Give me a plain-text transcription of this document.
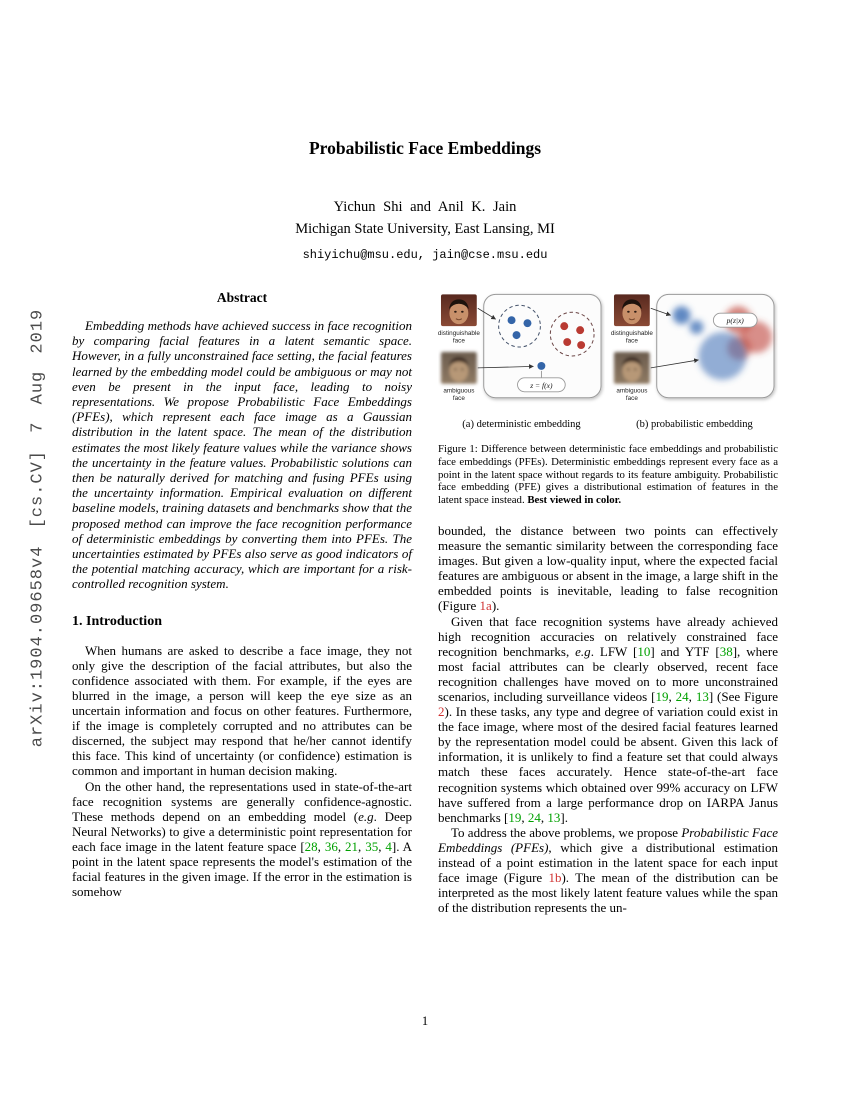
arXiv:1904.09658v4 [cs.CV] 7 Aug 2019
Probabilistic Face Embeddings
Yichun Shi and Anil K. Jain
Michigan State University, East Lansing, MI
shiyichu@msu.edu, jain@cse.msu.edu
Abstract

Embedding methods have achieved success in face recognition by comparing facial features in a latent semantic space. However, in a fully unconstrained face setting, the facial features learned by the embedding model could be ambiguous or may not even be present in the input face, leading to noisy representations. We propose Probabilistic Face Embeddings (PFEs), which represent each face image as a Gaussian distribution in the latent space. The mean of the distribution estimates the most likely feature values while the variance shows the uncertainty in the feature values. Probabilistic solutions can then be naturally derived for matching and fusing PFEs using the uncertainty information. Empirical evaluation on different baseline models, training datasets and benchmarks show that the proposed method can improve the face recognition performance of deterministic embeddings by converting them into PFEs. The uncertainties estimated by PFEs also serve as good indicators of the potential matching accuracy, which are important for a risk-controlled recognition system.

1. Introduction

When humans are asked to describe a face image, they not only give the description of the facial attributes, but also the confidence associated with them. For example, if the eyes are blurred in the image, a person will keep the eye size as an uncertain information and focus on other features. Furthermore, if the image is completely corrupted and no attributes can be discerned, the subject may respond that he/her cannot identify this face. This kind of uncertainty (or confidence) estimation is common and important in human decision making.

On the other hand, the representations used in state-of-the-art face recognition systems are generally confidence-agnostic. These methods depend on an embedding model (e.g. Deep Neural Networks) to give a deterministic point representation for each face image in the latent feature space [28, 36, 21, 35, 4]. A point in the latent space represents the model's estimation of the facial features in the given image. If the error in the estimation is somehow

distinguishable
face
ambiguous
face
z = f(x)
(a) deterministic embedding
distinguishable
face
ambiguous
face
p(z|x)
(b) probabilistic embedding
Figure 1: Difference between deterministic face embeddings and probabilistic face embeddings (PFEs). Deterministic embeddings represent every face as a point in the latent space without regards to its feature ambiguity. Probabilistic face embedding (PFE) gives a distributional estimation of features in the latent space instead. Best viewed in color.

bounded, the distance between two points can effectively measure the semantic similarity between the corresponding face images. But given a low-quality input, where the expected facial features are ambiguous or absent in the image, a large shift in the embedded points is inevitable, leading to false recognition (Figure 1a).

Given that face recognition systems have already achieved high recognition accuracies on relatively constrained face recognition benchmarks, e.g. LFW [10] and YTF [38], where most facial attributes can be clearly observed, recent face recognition challenges have moved on to more unconstrained scenarios, including surveillance videos [19, 24, 13] (See Figure 2). In these tasks, any type and degree of variation could exist in the face image, where most of the desired facial features learned by the representation model could be absent. Given this lack of information, it is unlikely to find a feature set that could always match these faces accurately. Hence state-of-the-art face recognition systems which obtained over 99% accuracy on LFW have suffered from a large performance drop on IARPA Janus benchmarks [19, 24, 13].

To address the above problems, we propose Probabilistic Face Embeddings (PFEs), which give a distributional estimation instead of a point estimation in the latent space for each input face image (Figure 1b). The mean of the distribution can be interpreted as the most likely latent feature values while the span of the distribution represents the un-

1
